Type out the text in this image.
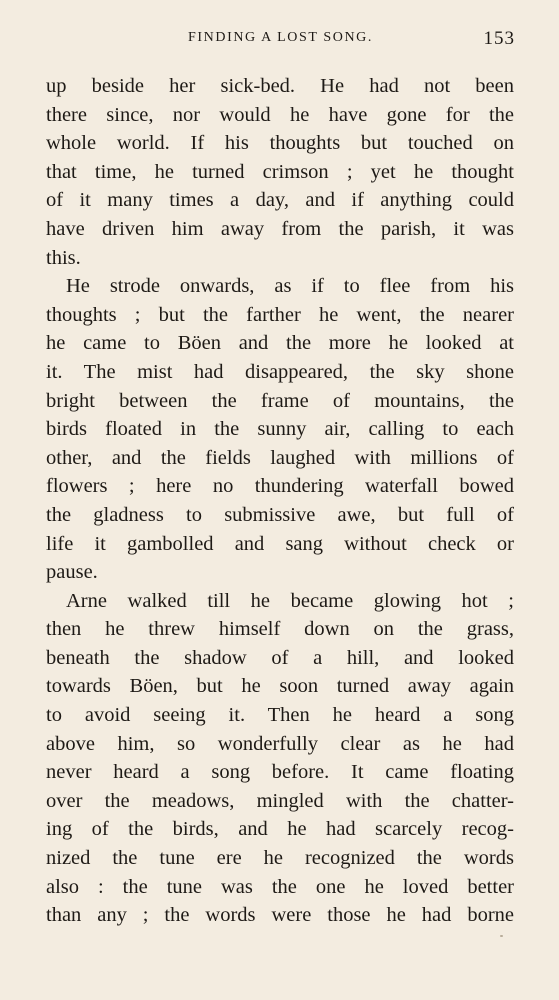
FINDING A LOST SONG.	153
up beside her sick-bed. He had not been
there since, nor would he have gone for the
whole world. If his thoughts but touched on
that time, he turned crimson ; yet he thought
of it many times a day, and if anything could
have driven him away from the parish, it was
this.
He strode onwards, as if to flee from his
thoughts ; but the farther he went, the nearer
he came to Böen and the more he looked at
it. The mist had disappeared, the sky shone
bright between the frame of mountains, the
birds floated in the sunny air, calling to each
other, and the fields laughed with millions of
flowers ; here no thundering waterfall bowed
the gladness to submissive awe, but full of
life it gambolled and sang without check or
pause.
Arne walked till he became glowing hot ;
then he threw himself down on the grass,
beneath the shadow of a hill, and looked
towards Böen, but he soon turned away again
to avoid seeing it. Then he heard a song
above him, so wonderfully clear as he had
never heard a song before. It came floating
over the meadows, mingled with the chatter-
ing of the birds, and he had scarcely recog-
nized the tune ere he recognized the words
also : the tune was the one he loved better
than any ; the words were those he had borne
